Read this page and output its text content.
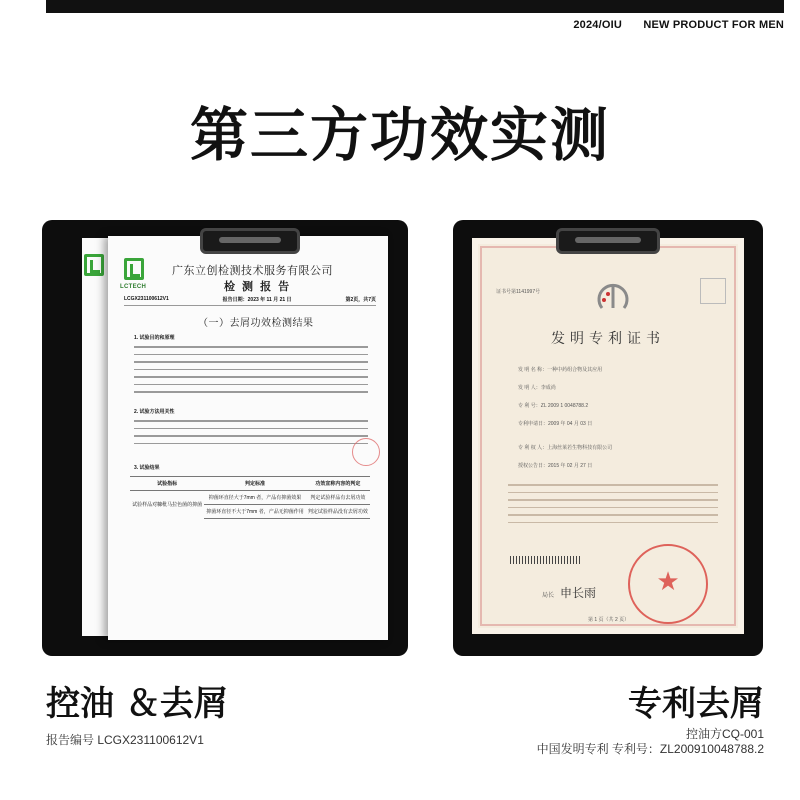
2024/OIU NEW PRODUCT FOR MEN
第三方功效实测
LCTECH
广东立创检测技术服务有限公司
检 测 报 告
LCGX231100612V1	报告日期：2023 年 11 月 21 日	第2页，共7页
（一）去屑功效检测结果
1. 试验目的和原理
2. 试验方法用关性
3. 试验结果
试验指标	判定标准	功效宣称内容的判定
试验样品对糠秕马拉色菌的抑菌	抑菌环直径大于7mm 者，产品有抑菌效果	判定试验样品有去屑功效
	抑菌环直径不大于7mm 者，产品无抑菌作用	判定试验样品没有去屑功效
证书号第1141997号
发明专利证书
发 明 名 称：一种中药组合物及其应用
发 明 人：李成尚
专 利 号：ZL 2009 1 0048788.2
专利申请日：2009 年 04 月 03 日
专 利 权 人：上海丝莱若生物科技有限公司
授权公告日：2015 年 02 月 27 日
★
局长 申长雨
第 1 页（共 2 页）
控油 ＆去屑
报告编号 LCGX231100612V1
专利去屑
控油方CQ-001
中国发明专利 专利号：ZL200910048788.2
